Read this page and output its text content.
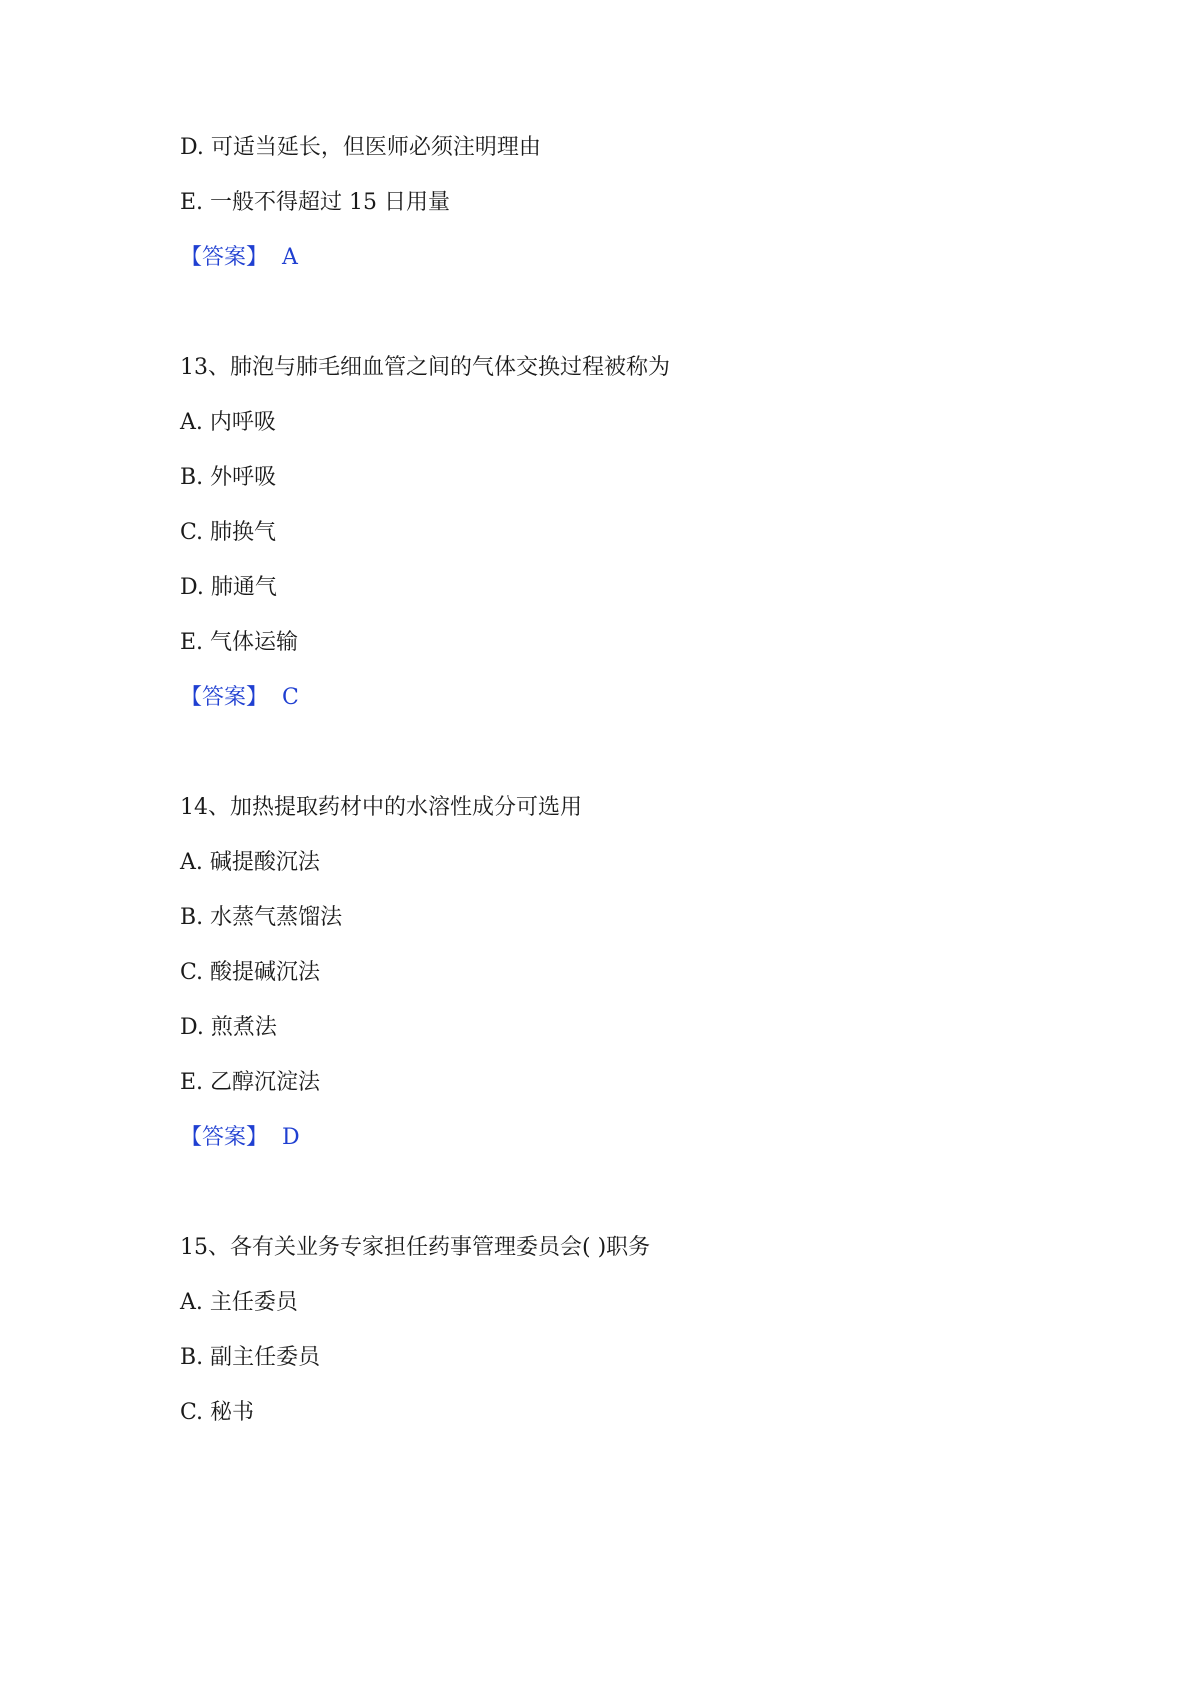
D. 可适当延长，但医师必须注明理由
E. 一般不得超过 15 日用量
【答案】 A
13、肺泡与肺毛细血管之间的气体交换过程被称为
A. 内呼吸
B. 外呼吸
C. 肺换气
D. 肺通气
E. 气体运输
【答案】 C
14、加热提取药材中的水溶性成分可选用
A. 碱提酸沉法
B. 水蒸气蒸馏法
C. 酸提碱沉法
D. 煎煮法
E. 乙醇沉淀法
【答案】 D
15、各有关业务专家担任药事管理委员会( )职务
A. 主任委员
B. 副主任委员
C. 秘书
